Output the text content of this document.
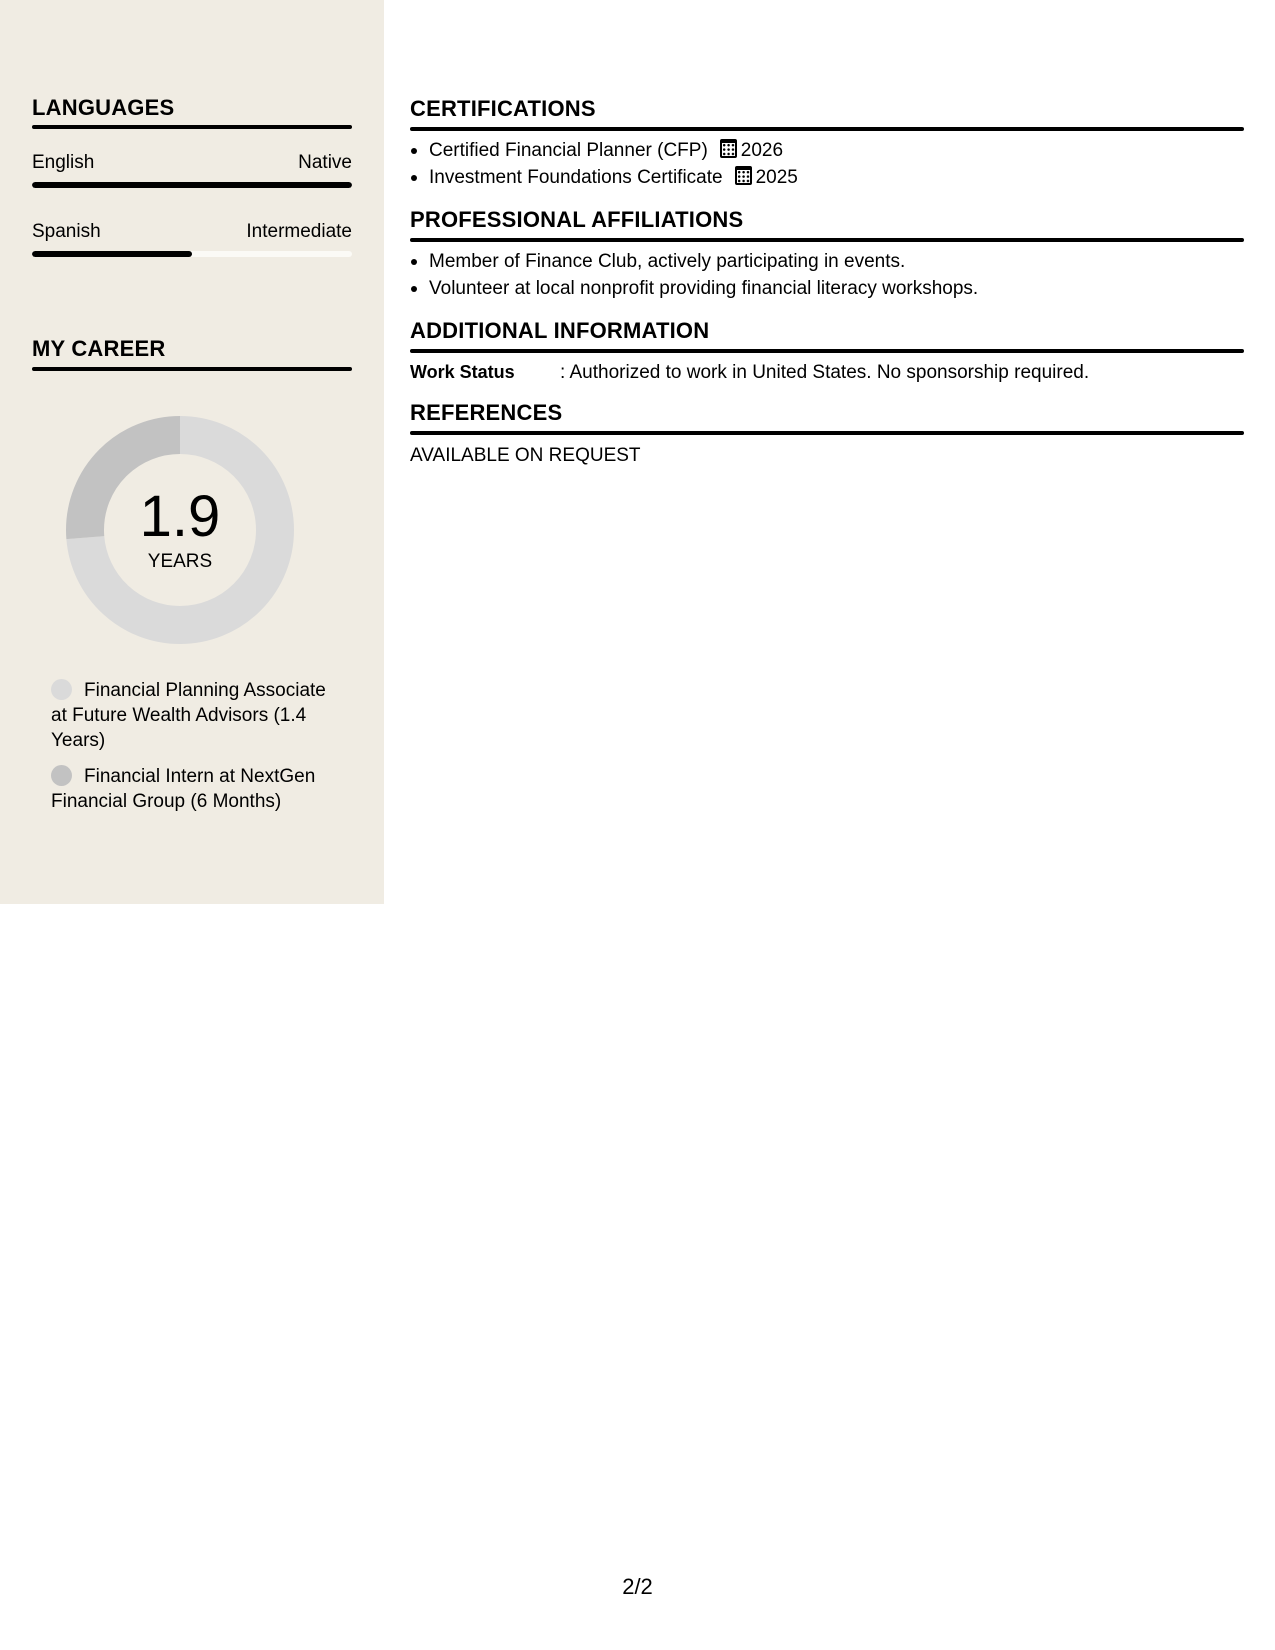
LANGUAGES
English	Native
Spanish	Intermediate
MY CAREER
1.9
YEARS
Financial Planning Associate at Future Wealth Advisors (1.4 Years)
Financial Intern at NextGen Financial Group (6 Months)
CERTIFICATIONS
Certified Financial Planner (CFP) 2026
Investment Foundations Certificate 2025
PROFESSIONAL AFFILIATIONS
Member of Finance Club, actively participating in events.
Volunteer at local nonprofit providing financial literacy workshops.
ADDITIONAL INFORMATION
Work Status : Authorized to work in United States. No sponsorship required.
REFERENCES
AVAILABLE ON REQUEST
2/2
